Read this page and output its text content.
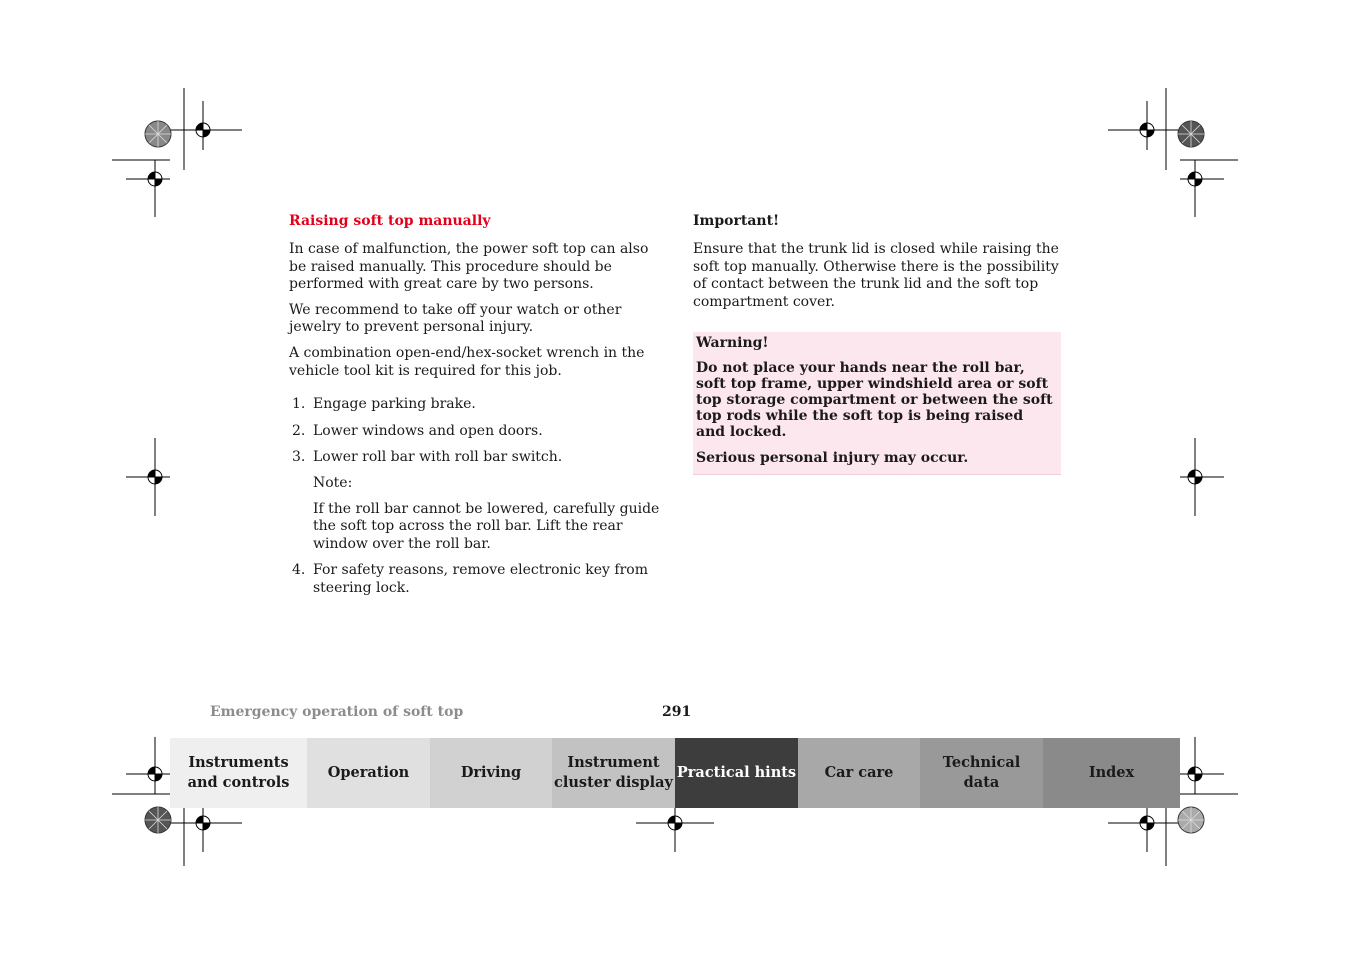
Raising soft top manually

In case of malfunction, the power soft top can also be raised manually. This procedure should be performed with great care by two persons.

We recommend to take off your watch or other jewelry to prevent personal injury.

A combination open-end/hex-socket wrench in the vehicle tool kit is required for this job.

1. Engage parking brake.
2. Lower windows and open doors.
3. Lower roll bar with roll bar switch.

Note:

If the roll bar cannot be lowered, carefully guide the soft top across the roll bar. Lift the rear window over the roll bar.

4. For safety reasons, remove electronic key from steering lock.
Important!

Ensure that the trunk lid is closed while raising the soft top manually. Otherwise there is the possibility of contact between the trunk lid and the soft top compartment cover.

Warning!
Do not place your hands near the roll bar, soft top frame, upper windshield area or soft top storage compartment or between the soft top rods while the soft top is being raised and locked.
Serious personal injury may occur.
Emergency operation of soft top	291
Instruments
and controls
Operation	Driving
Instrument
cluster display
Practical hints	Car care
Technical
data
Index
